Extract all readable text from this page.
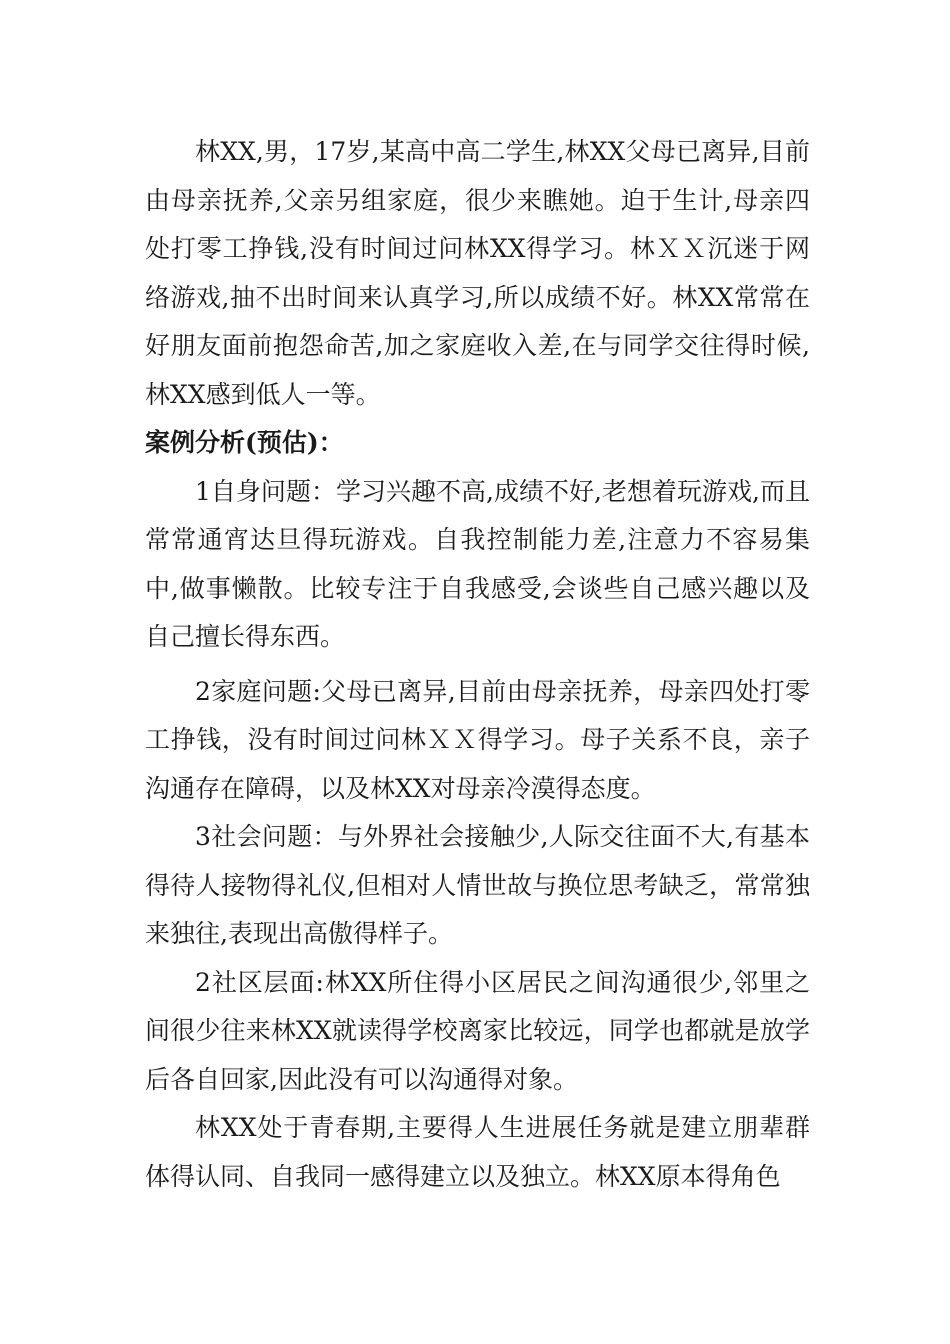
林XX,男，17岁,某高中高二学生,林XX父母已离异,目前由母亲抚养,父亲另组家庭，很少来瞧她。迫于生计,母亲四处打零工挣钱,没有时间过问林XX得学习。林ＸＸ沉迷于网络游戏,抽不出时间来认真学习,所以成绩不好。林XX常常在好朋友面前抱怨命苦,加之家庭收入差,在与同学交往得时候,林XX感到低人一等。

案例分析(预估)：

1自身问题：学习兴趣不高,成绩不好,老想着玩游戏,而且常常通宵达旦得玩游戏。自我控制能力差,注意力不容易集中,做事懒散。比较专注于自我感受,会谈些自己感兴趣以及自己擅长得东西。

2家庭问题:父母已离异,目前由母亲抚养，母亲四处打零工挣钱，没有时间过问林ＸＸ得学习。母子关系不良，亲子沟通存在障碍，以及林XX对母亲冷漠得态度。

3社会问题：与外界社会接触少,人际交往面不大,有基本得待人接物得礼仪,但相对人情世故与换位思考缺乏，常常独来独往,表现出高傲得样子。

2社区层面:林XX所住得小区居民之间沟通很少,邻里之间很少往来林XX就读得学校离家比较远，同学也都就是放学后各自回家,因此没有可以沟通得对象。

林XX处于青春期,主要得人生进展任务就是建立朋辈群体得认同、自我同一感得建立以及独立。林XX原本得角色
